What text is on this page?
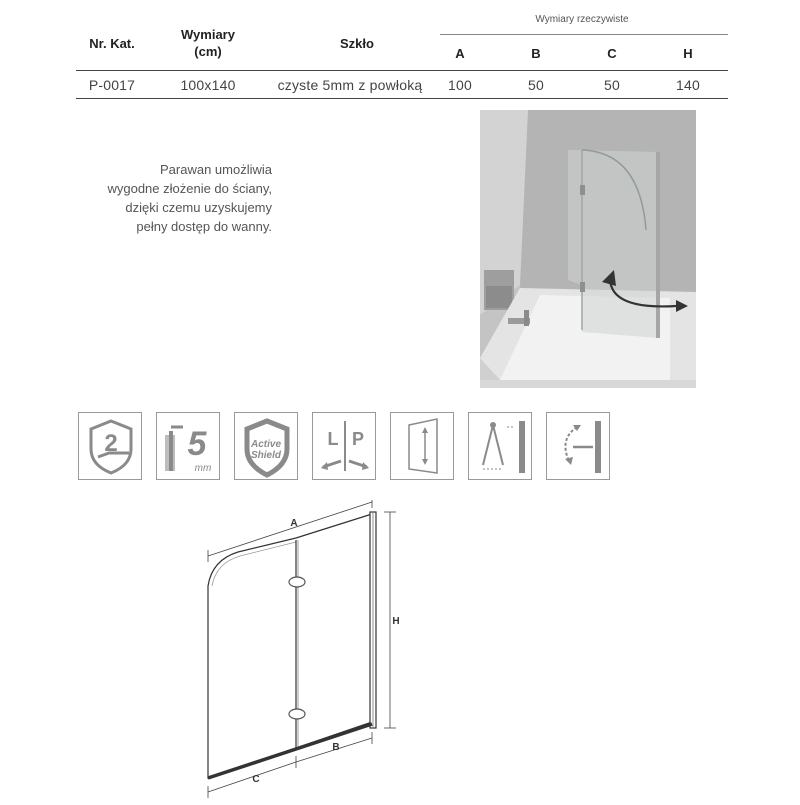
Nr. Kat.
Wymiary
(cm)
Szkło
Wymiary rzeczywiste
A	B	C	H
P-0017	100x140	czyste 5mm z powłoką	100	50	50	140
Parawan umożliwia
wygodne złożenie do ściany,
dzięki czemu uzyskujemy
pełny dostęp do wanny.
2 5
mm
Active
Shield
L P
A
H
B
C
